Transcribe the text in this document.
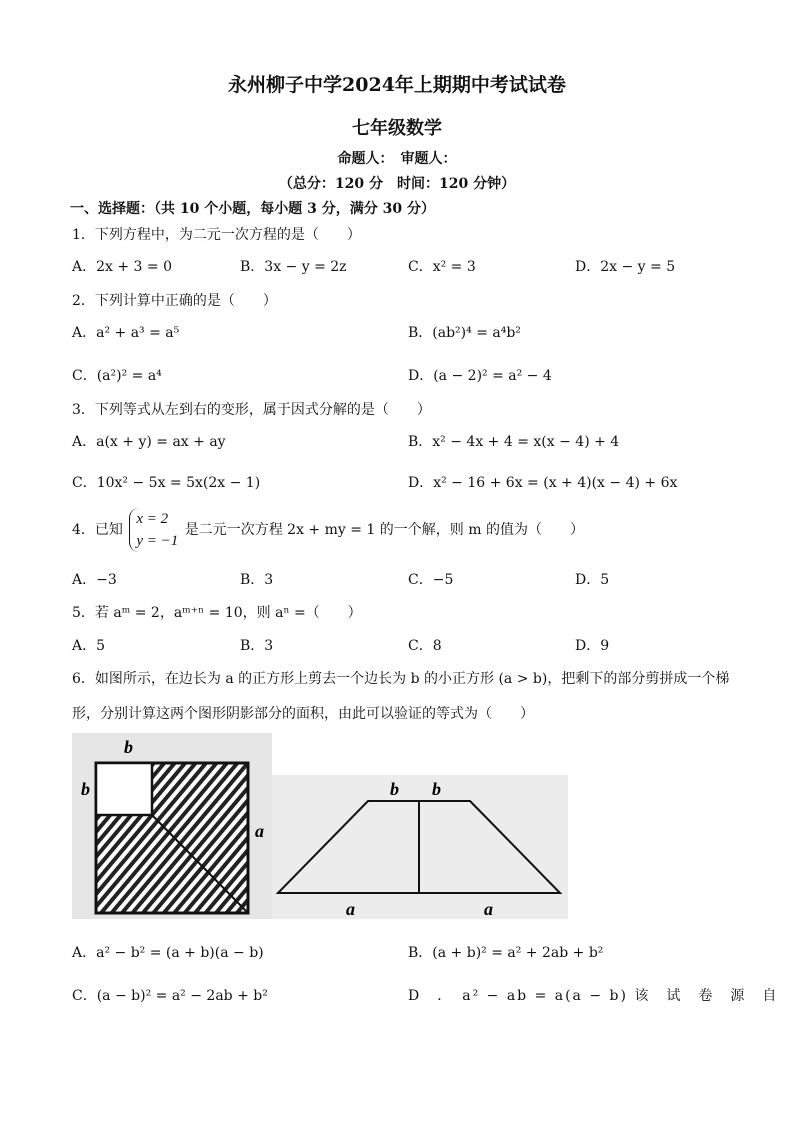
永州柳子中学2024年上期期中考试试卷
七年级数学
命题人：　审题人：
（总分：120 分　时间：120 分钟）
一、选择题：（共 10 个小题，每小题 3 分，满分 30 分）
1．下列方程中，为二元一次方程的是（　　）
A．2x + 3 = 0	B．3x − y = 2z	C．x² = 3	D．2x − y = 5
2．下列计算中正确的是（　　）
A．a² + a³ = a⁵	B．(ab²)⁴ = a⁴b²
C．(a²)² = a⁴	D．(a − 2)² = a² − 4
3．下列等式从左到右的变形，属于因式分解的是（　　）
A．a(x + y) = ax + ay	B．x² − 4x + 4 = x(x − 4) + 4
C．10x² − 5x = 5x(2x − 1)	D．x² − 16 + 6x = (x + 4)(x − 4) + 6x
4．已知
x = 2
y = −1
是二元一次方程 2x + my = 1 的一个解，则 m 的值为（　　）
A．−3	B．3	C．−5	D．5
5．若 aᵐ = 2，aᵐ⁺ⁿ = 10，则 aⁿ =（　　）
A．5	B．3	C．8	D．9
6．如图所示，在边长为 a 的正方形上剪去一个边长为 b 的小正方形 (a > b)，把剩下的部分剪拼成一个梯
形，分别计算这两个图形阴影部分的面积，由此可以验证的等式为（　　）
b
b
a
b b
a	a
A．a² − b² = (a + b)(a − b)	B．(a + b)² = a² + 2ab + b²
C．(a − b)² = a² − 2ab + b²	D　．　a² − ab = a(a − b) 该　试　卷　源　自
